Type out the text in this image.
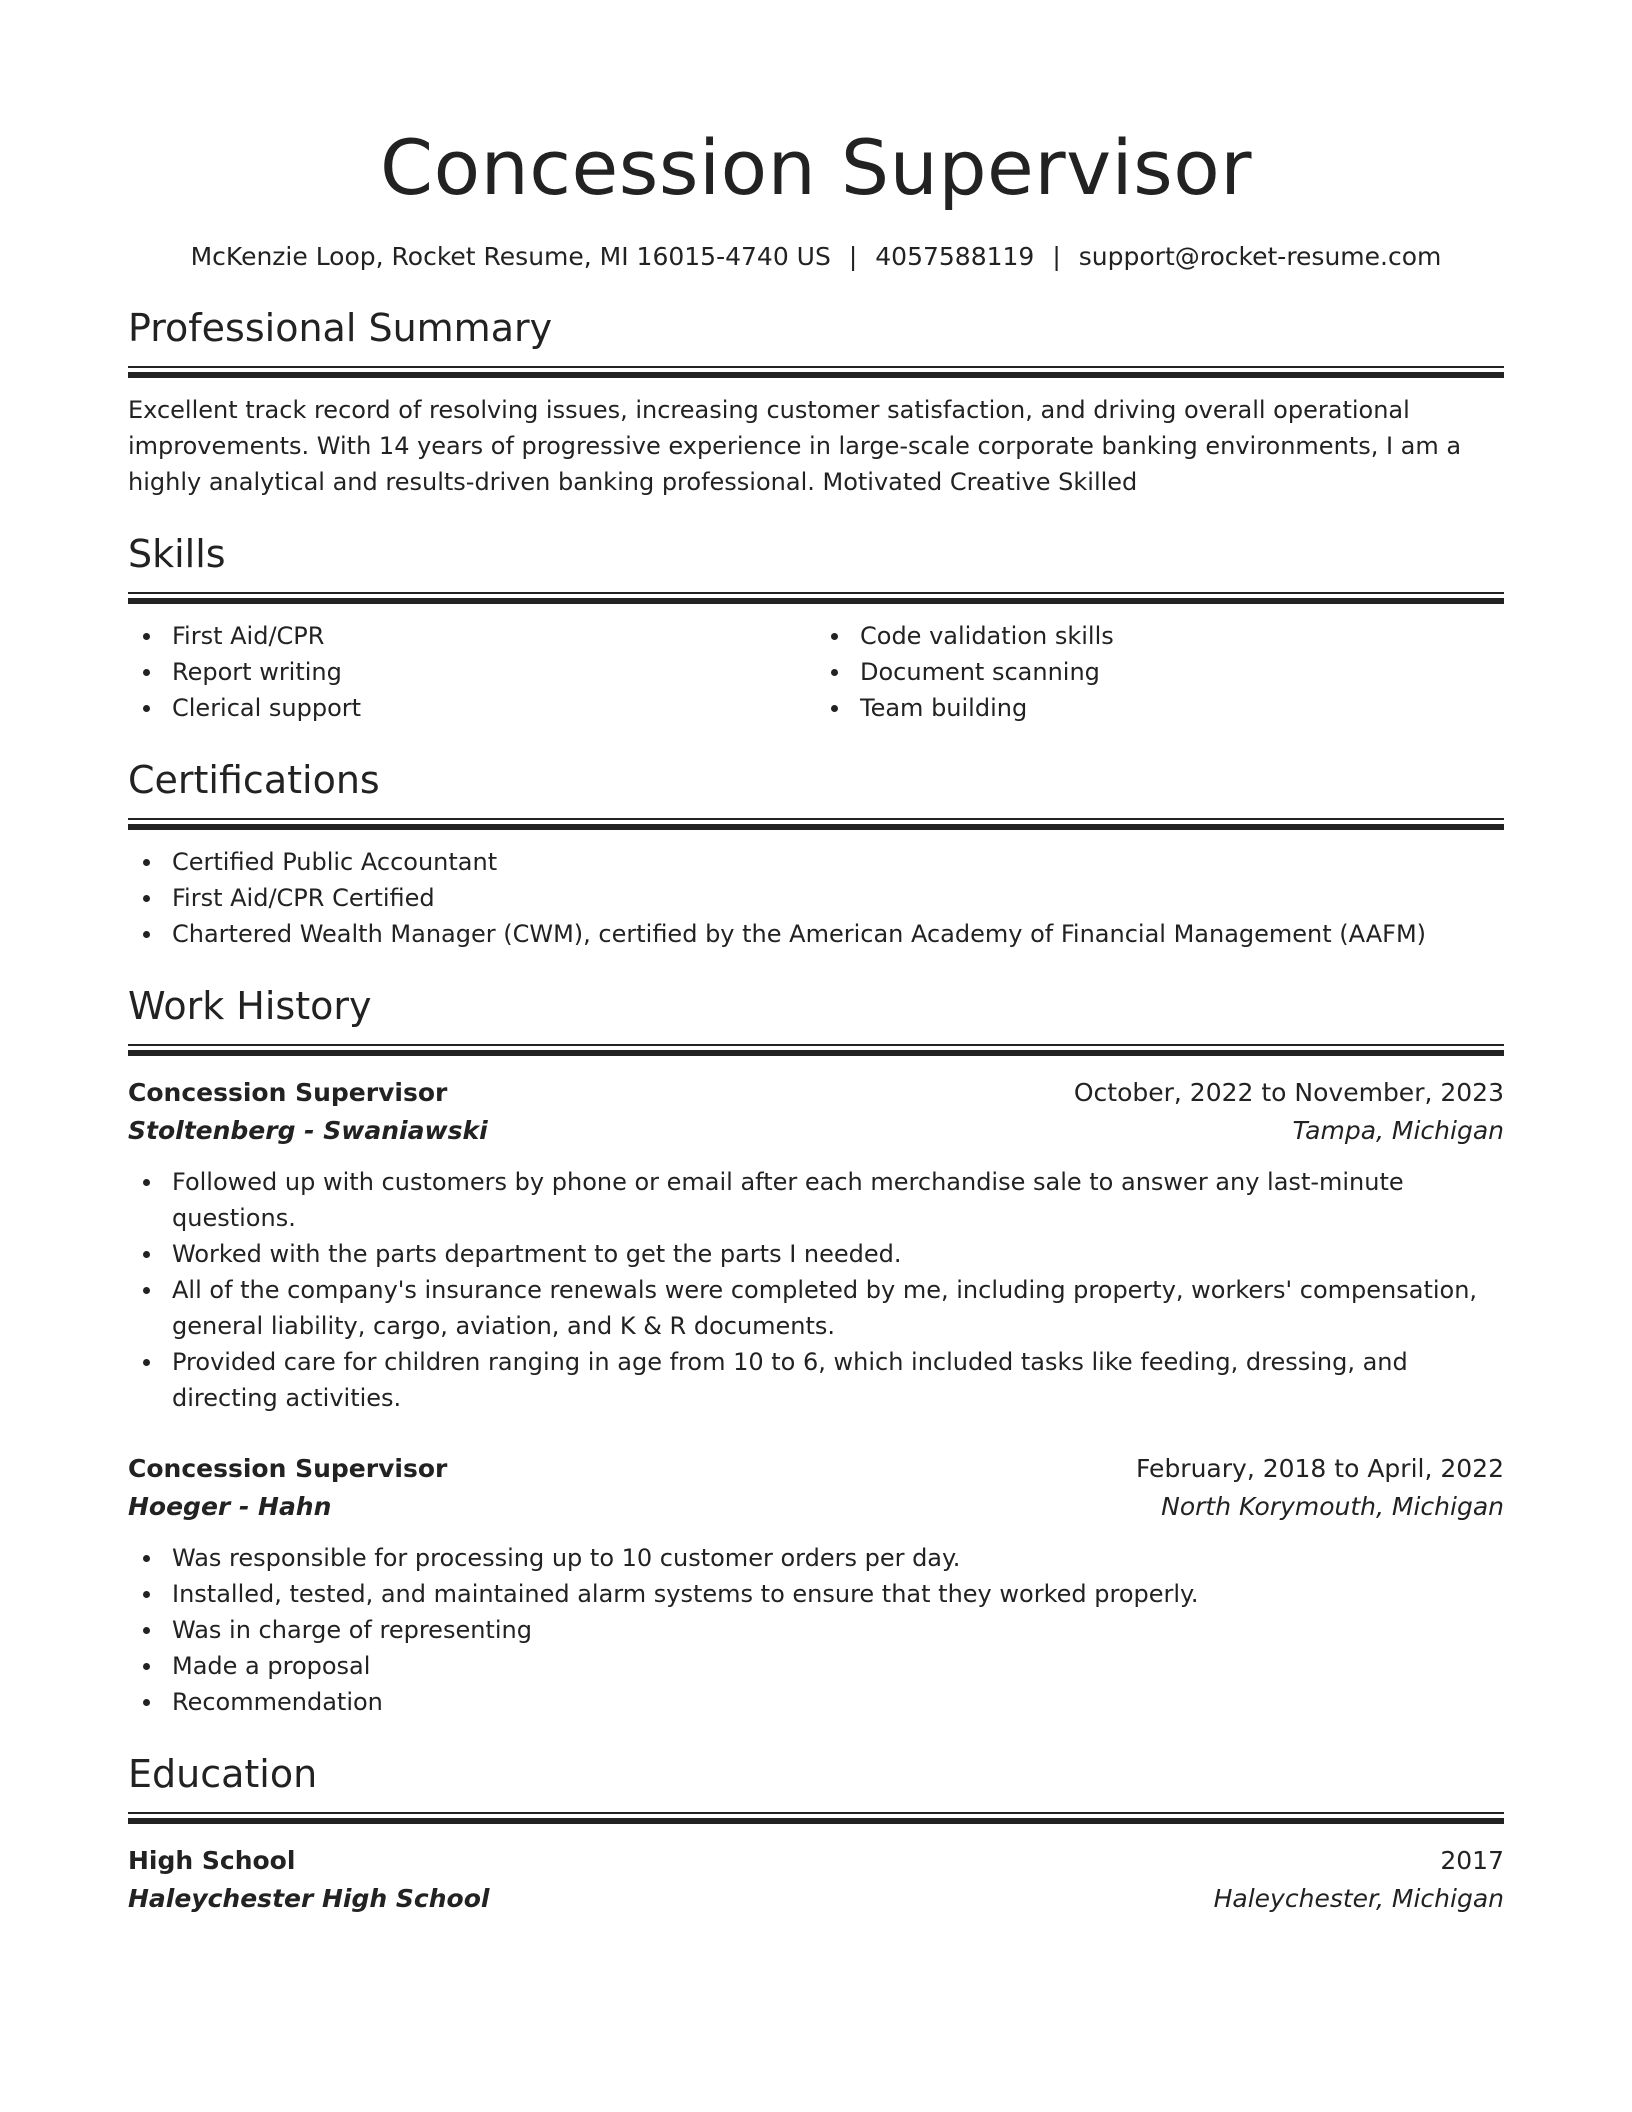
Concession Supervisor
McKenzie Loop, Rocket Resume, MI 16015-4740 US | 4057588119 | support@rocket-resume.com
Professional Summary
Excellent track record of resolving issues, increasing customer satisfaction, and driving overall operational improvements. With 14 years of progressive experience in large-scale corporate banking environments, I am a highly analytical and results-driven banking professional. Motivated Creative Skilled
Skills
First Aid/CPR
Report writing
Clerical support
Code validation skills
Document scanning
Team building
Certifications
Certified Public Accountant
First Aid/CPR Certified
Chartered Wealth Manager (CWM), certified by the American Academy of Financial Management (AAFM)
Work History
Concession Supervisor	October, 2022 to November, 2023
Stoltenberg - Swaniawski	Tampa, Michigan
Followed up with customers by phone or email after each merchandise sale to answer any last-minute questions.
Worked with the parts department to get the parts I needed.
All of the company's insurance renewals were completed by me, including property, workers' compensation, general liability, cargo, aviation, and K & R documents.
Provided care for children ranging in age from 10 to 6, which included tasks like feeding, dressing, and directing activities.
Concession Supervisor	February, 2018 to April, 2022
Hoeger - Hahn	North Korymouth, Michigan
Was responsible for processing up to 10 customer orders per day.
Installed, tested, and maintained alarm systems to ensure that they worked properly.
Was in charge of representing
Made a proposal
Recommendation
Education
High School	2017
Haleychester High School	Haleychester, Michigan
